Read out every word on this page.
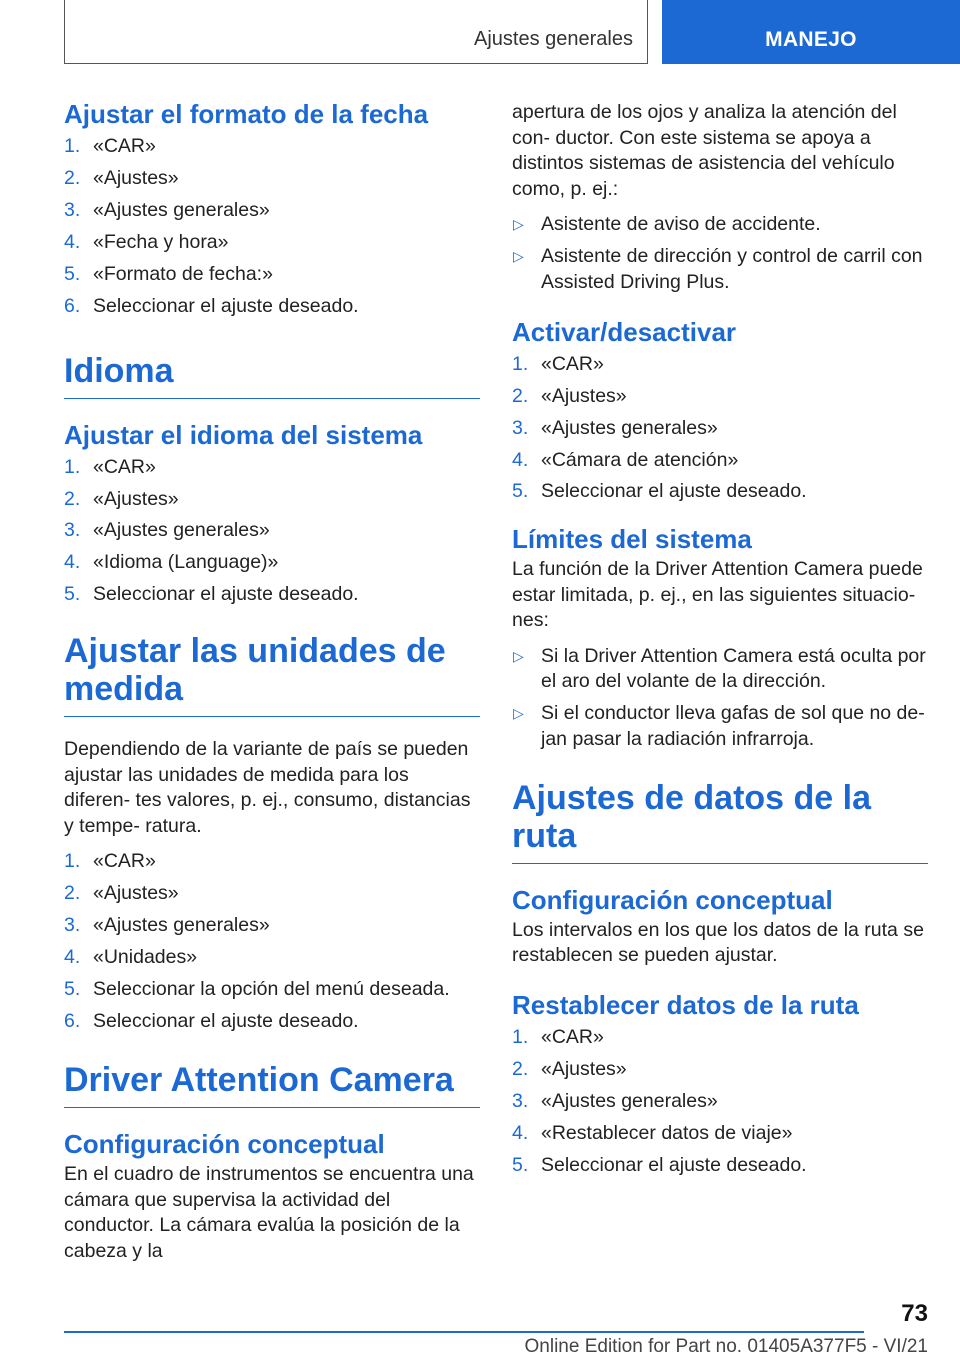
Ajustes generales	MANEJO
Ajustar el formato de la fecha
1. «CAR»
2. «Ajustes»
3. «Ajustes generales»
4. «Fecha y hora»
5. «Formato de fecha:»
6. Seleccionar el ajuste deseado.
Idioma
Ajustar el idioma del sistema
1. «CAR»
2. «Ajustes»
3. «Ajustes generales»
4. «Idioma (Language)»
5. Seleccionar el ajuste deseado.
Ajustar las unidades de medida
Dependiendo de la variante de país se pueden ajustar las unidades de medida para los diferen‐ tes valores, p. ej., consumo, distancias y tempe‐ ratura.
1. «CAR»
2. «Ajustes»
3. «Ajustes generales»
4. «Unidades»
5. Seleccionar la opción del menú deseada.
6. Seleccionar el ajuste deseado.
Driver Attention Camera
Configuración conceptual
En el cuadro de instrumentos se encuentra una cámara que supervisa la actividad del conductor. La cámara evalúa la posición de la cabeza y la
apertura de los ojos y analiza la atención del con‐ ductor. Con este sistema se apoya a distintos sistemas de asistencia del vehículo como, p. ej.:
▷ Asistente de aviso de accidente.
▷ Asistente de dirección y control de carril con Assisted Driving Plus.
Activar/desactivar
1. «CAR»
2. «Ajustes»
3. «Ajustes generales»
4. «Cámara de atención»
5. Seleccionar el ajuste deseado.
Límites del sistema
La función de la Driver Attention Camera puede estar limitada, p. ej., en las siguientes situacio‐ nes:
▷ Si la Driver Attention Camera está oculta por el aro del volante de la dirección.
▷ Si el conductor lleva gafas de sol que no de‐ jan pasar la radiación infrarroja.
Ajustes de datos de la ruta
Configuración conceptual
Los intervalos en los que los datos de la ruta se restablecen se pueden ajustar.
Restablecer datos de la ruta
1. «CAR»
2. «Ajustes»
3. «Ajustes generales»
4. «Restablecer datos de viaje»
5. Seleccionar el ajuste deseado.
73
Online Edition for Part no. 01405A377F5 - VI/21
